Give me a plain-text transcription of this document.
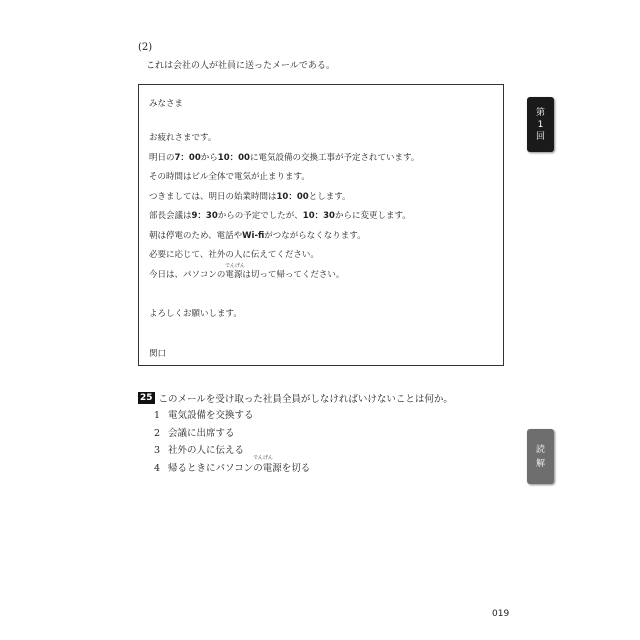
(2)
これは会社の人が社員に送ったメールである。
みなさま
お疲れさまです。
明日の7：00から10：00に電気設備の交換工事が予定されています。
その時間はビル全体で電気が止まります。
つきましては、明日の始業時間は10：00とします。
部長会議は9：30からの予定でしたが、10：30からに変更します。
朝は停電のため、電話やWi-fiがつながらなくなります。
必要に応じて、社外の人に伝えてください。
今日は、パソコンの電源は切って帰ってください。
でんげん
よろしくお願いします。
関口
25 このメールを受け取った社員全員がしなければいけないことは何か。
1 電気設備を交換する
2 会議に出席する
3 社外の人に伝える
でんげん
4 帰るときにパソコンの電源を切る
第
1
回
読
解
019
